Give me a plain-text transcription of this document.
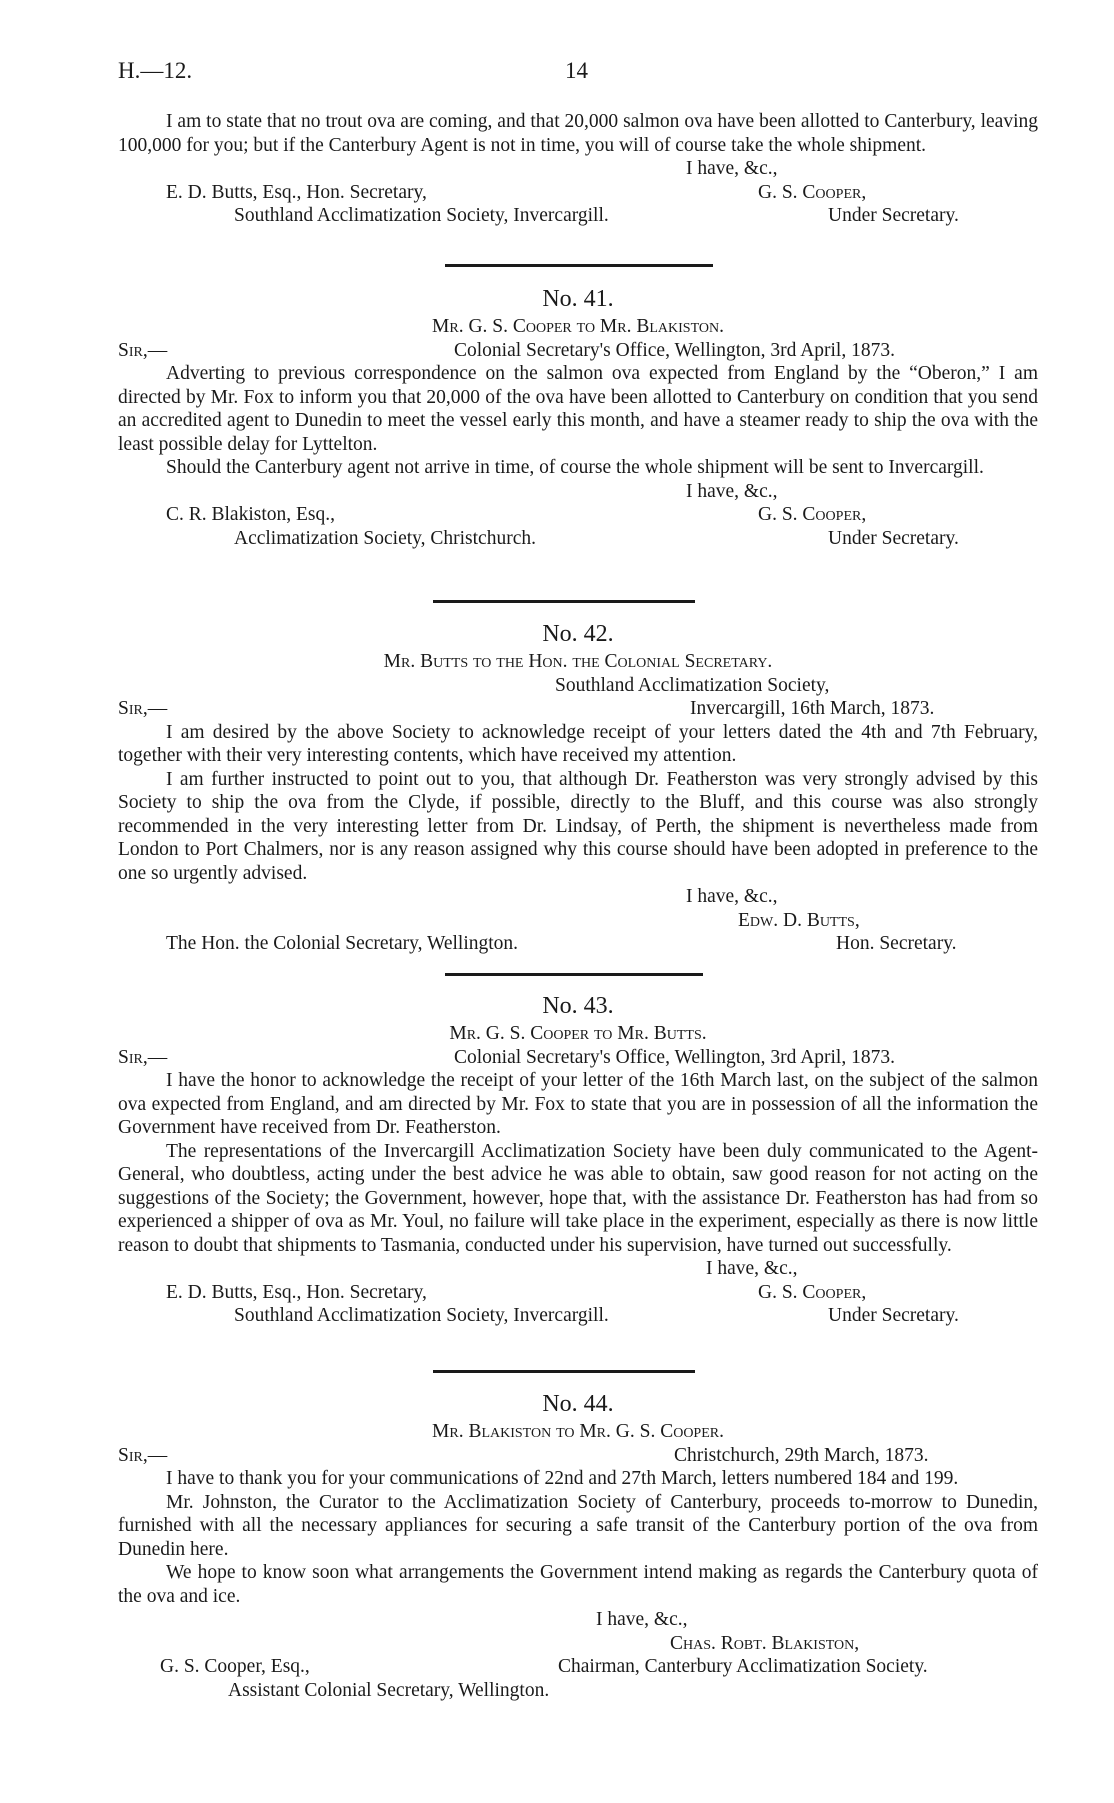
H.—12.	14

I am to state that no trout ova are coming, and that 20,000 salmon ova have been allotted to Canterbury, leaving 100,000 for you; but if the Canterbury Agent is not in time, you will of course take the whole shipment.

I have, &c.,
E. D. Butts, Esq., Hon. Secretary,	G. S. Cooper,
Southland Acclimatization Society, Invercargill.	Under Secretary.
No. 41.
Mr. G. S. Cooper to Mr. Blakiston.
Sir,—	Colonial Secretary's Office, Wellington, 3rd April, 1873.

Adverting to previous correspondence on the salmon ova expected from England by the “Oberon,” I am directed by Mr. Fox to inform you that 20,000 of the ova have been allotted to Canterbury on condition that you send an accredited agent to Dunedin to meet the vessel early this month, and have a steamer ready to ship the ova with the least possible delay for Lyttelton.

Should the Canterbury agent not arrive in time, of course the whole shipment will be sent to Invercargill.

I have, &c.,
C. R. Blakiston, Esq.,	G. S. Cooper,
Acclimatization Society, Christchurch.	Under Secretary.
No. 42.
Mr. Butts to the Hon. the Colonial Secretary.
Southland Acclimatization Society,
Sir,—	Invercargill, 16th March, 1873.

I am desired by the above Society to acknowledge receipt of your letters dated the 4th and 7th February, together with their very interesting contents, which have received my attention.

I am further instructed to point out to you, that although Dr. Featherston was very strongly advised by this Society to ship the ova from the Clyde, if possible, directly to the Bluff, and this course was also strongly recommended in the very interesting letter from Dr. Lindsay, of Perth, the shipment is nevertheless made from London to Port Chalmers, nor is any reason assigned why this course should have been adopted in preference to the one so urgently advised.

I have, &c.,
Edw. D. Butts,
The Hon. the Colonial Secretary, Wellington.	Hon. Secretary.
No. 43.
Mr. G. S. Cooper to Mr. Butts.
Sir,—	Colonial Secretary's Office, Wellington, 3rd April, 1873.

I have the honor to acknowledge the receipt of your letter of the 16th March last, on the subject of the salmon ova expected from England, and am directed by Mr. Fox to state that you are in possession of all the information the Government have received from Dr. Featherston.

The representations of the Invercargill Acclimatization Society have been duly communicated to the Agent-General, who doubtless, acting under the best advice he was able to obtain, saw good reason for not acting on the suggestions of the Society; the Government, however, hope that, with the assistance Dr. Featherston has had from so experienced a shipper of ova as Mr. Youl, no failure will take place in the experiment, especially as there is now little reason to doubt that shipments to Tasmania, conducted under his supervision, have turned out successfully.

I have, &c.,
E. D. Butts, Esq., Hon. Secretary,	G. S. Cooper,
Southland Acclimatization Society, Invercargill.	Under Secretary.
No. 44.
Mr. Blakiston to Mr. G. S. Cooper.
Sir,—	Christchurch, 29th March, 1873.

I have to thank you for your communications of 22nd and 27th March, letters numbered 184 and 199.

Mr. Johnston, the Curator to the Acclimatization Society of Canterbury, proceeds to-morrow to Dunedin, furnished with all the necessary appliances for securing a safe transit of the Canterbury portion of the ova from Dunedin here.

We hope to know soon what arrangements the Government intend making as regards the Canterbury quota of the ova and ice.

I have, &c.,
Chas. Robt. Blakiston,
G. S. Cooper, Esq.,	Chairman, Canterbury Acclimatization Society.
Assistant Colonial Secretary, Wellington.
